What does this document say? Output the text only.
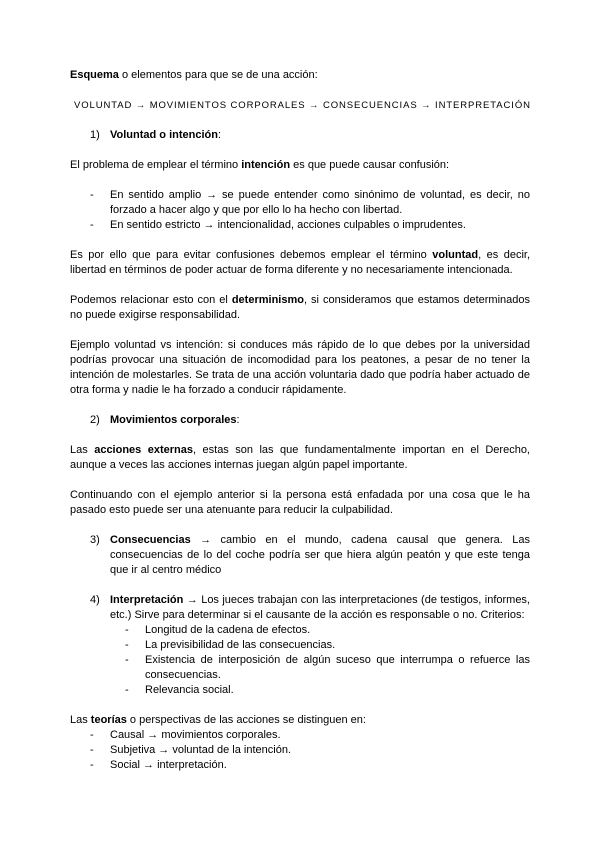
Esquema o elementos para que se de una acción:

VOLUNTAD → MOVIMIENTOS CORPORALES → CONSECUENCIAS → INTERPRETACIÓN

1) Voluntad o intención:

El problema de emplear el término intención es que puede causar confusión:

- En sentido amplio → se puede entender como sinónimo de voluntad, es decir, no forzado a hacer algo y que por ello lo ha hecho con libertad.
- En sentido estricto → intencionalidad, acciones culpables o imprudentes.

Es por ello que para evitar confusiones debemos emplear el término voluntad, es decir, libertad en términos de poder actuar de forma diferente y no necesariamente intencionada.

Podemos relacionar esto con el determinismo, si consideramos que estamos determinados no puede exigirse responsabilidad.

Ejemplo voluntad vs intención: si conduces más rápido de lo que debes por la universidad podrías provocar una situación de incomodidad para los peatones, a pesar de no tener la intención de molestarles. Se trata de una acción voluntaria dado que podría haber actuado de otra forma y nadie le ha forzado a conducir rápidamente.

2) Movimientos corporales:

Las acciones externas, estas son las que fundamentalmente importan en el Derecho, aunque a veces las acciones internas juegan algún papel importante.

Continuando con el ejemplo anterior si la persona está enfadada por una cosa que le ha pasado esto puede ser una atenuante para reducir la culpabilidad.

3) Consecuencias → cambio en el mundo, cadena causal que genera. Las consecuencias de lo del coche podría ser que hiera algún peatón y que este tenga que ir al centro médico
4) Interpretación → Los jueces trabajan con las interpretaciones (de testigos, informes, etc.) Sirve para determinar si el causante de la acción es responsable o no. Criterios:
- Longitud de la cadena de efectos.
- La previsibilidad de las consecuencias.
- Existencia de interposición de algún suceso que interrumpa o refuerce las consecuencias.
- Relevancia social.

Las teorías o perspectivas de las acciones se distinguen en:

- Causal → movimientos corporales.
- Subjetiva → voluntad de la intención.
- Social → interpretación.
